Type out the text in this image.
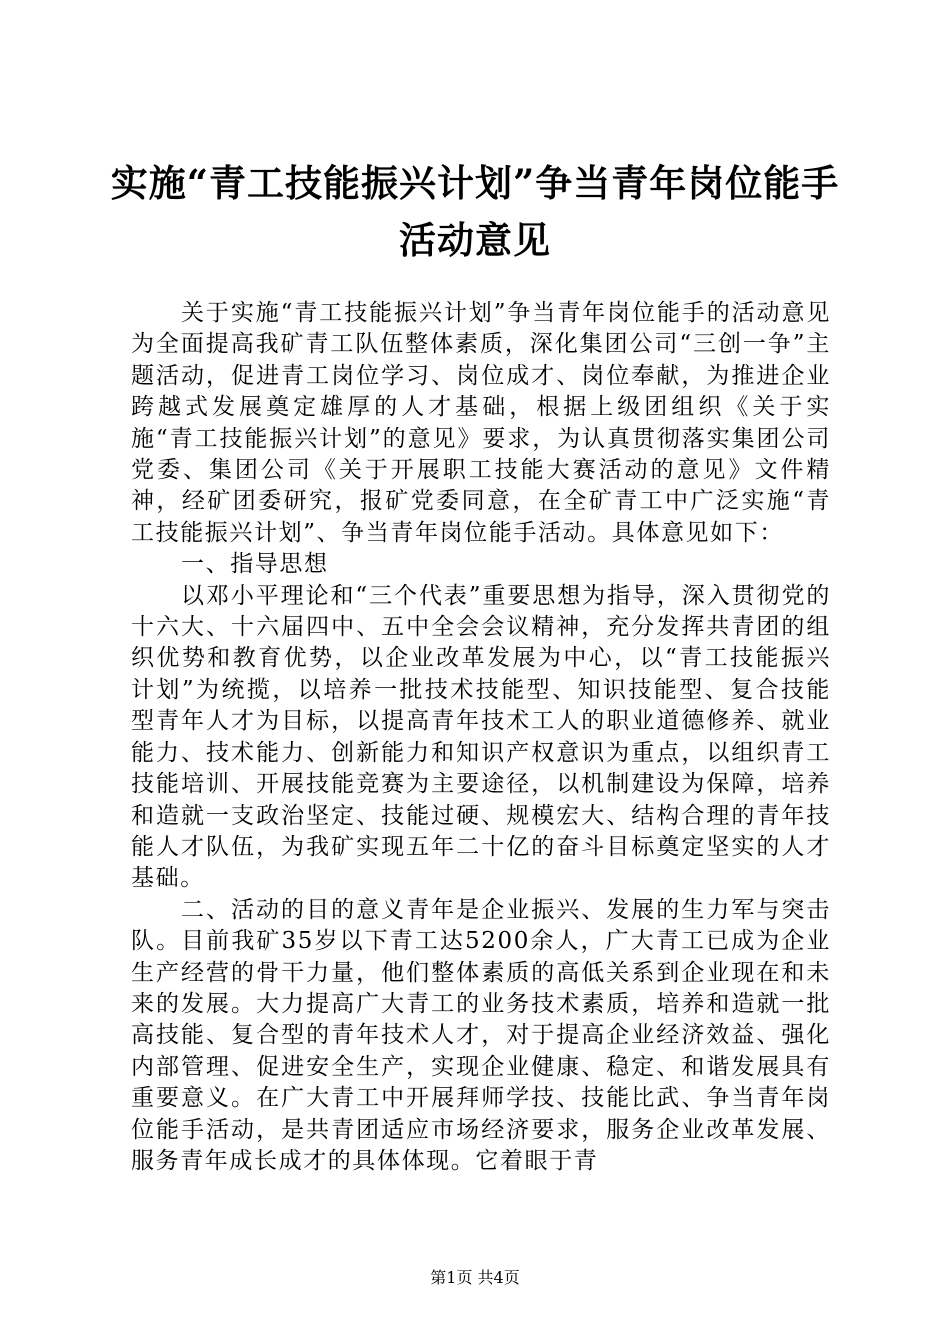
实施“青工技能振兴计划”争当青年岗位能手
活动意见

关于实施“青工技能振兴计划”争当青年岗位能手的活动意见为全面提高我矿青工队伍整体素质，深化集团公司“三创一争”主题活动，促进青工岗位学习、岗位成才、岗位奉献，为推进企业跨越式发展奠定雄厚的人才基础，根据上级团组织《关于实施“青工技能振兴计划”的意见》要求，为认真贯彻落实集团公司党委、集团公司《关于开展职工技能大赛活动的意见》文件精神，经矿团委研究，报矿党委同意，在全矿青工中广泛实施“青工技能振兴计划”、争当青年岗位能手活动。具体意见如下：

一、指导思想

以邓小平理论和“三个代表”重要思想为指导，深入贯彻党的十六大、十六届四中、五中全会会议精神，充分发挥共青团的组织优势和教育优势，以企业改革发展为中心，以“青工技能振兴计划”为统揽，以培养一批技术技能型、知识技能型、复合技能型青年人才为目标，以提高青年技术工人的职业道德修养、就业能力、技术能力、创新能力和知识产权意识为重点，以组织青工技能培训、开展技能竞赛为主要途径，以机制建设为保障，培养和造就一支政治坚定、技能过硬、规模宏大、结构合理的青年技能人才队伍，为我矿实现五年二十亿的奋斗目标奠定坚实的人才基础。

二、活动的目的意义青年是企业振兴、发展的生力军与突击队。目前我矿35岁以下青工达5200余人，广大青工已成为企业生产经营的骨干力量，他们整体素质的高低关系到企业现在和未来的发展。大力提高广大青工的业务技术素质，培养和造就一批高技能、复合型的青年技术人才，对于提高企业经济效益、强化内部管理、促进安全生产，实现企业健康、稳定、和谐发展具有重要意义。在广大青工中开展拜师学技、技能比武、争当青年岗位能手活动，是共青团适应市场经济要求，服务企业改革发展、服务青年成长成才的具体体现。它着眼于青

第1页 共4页
